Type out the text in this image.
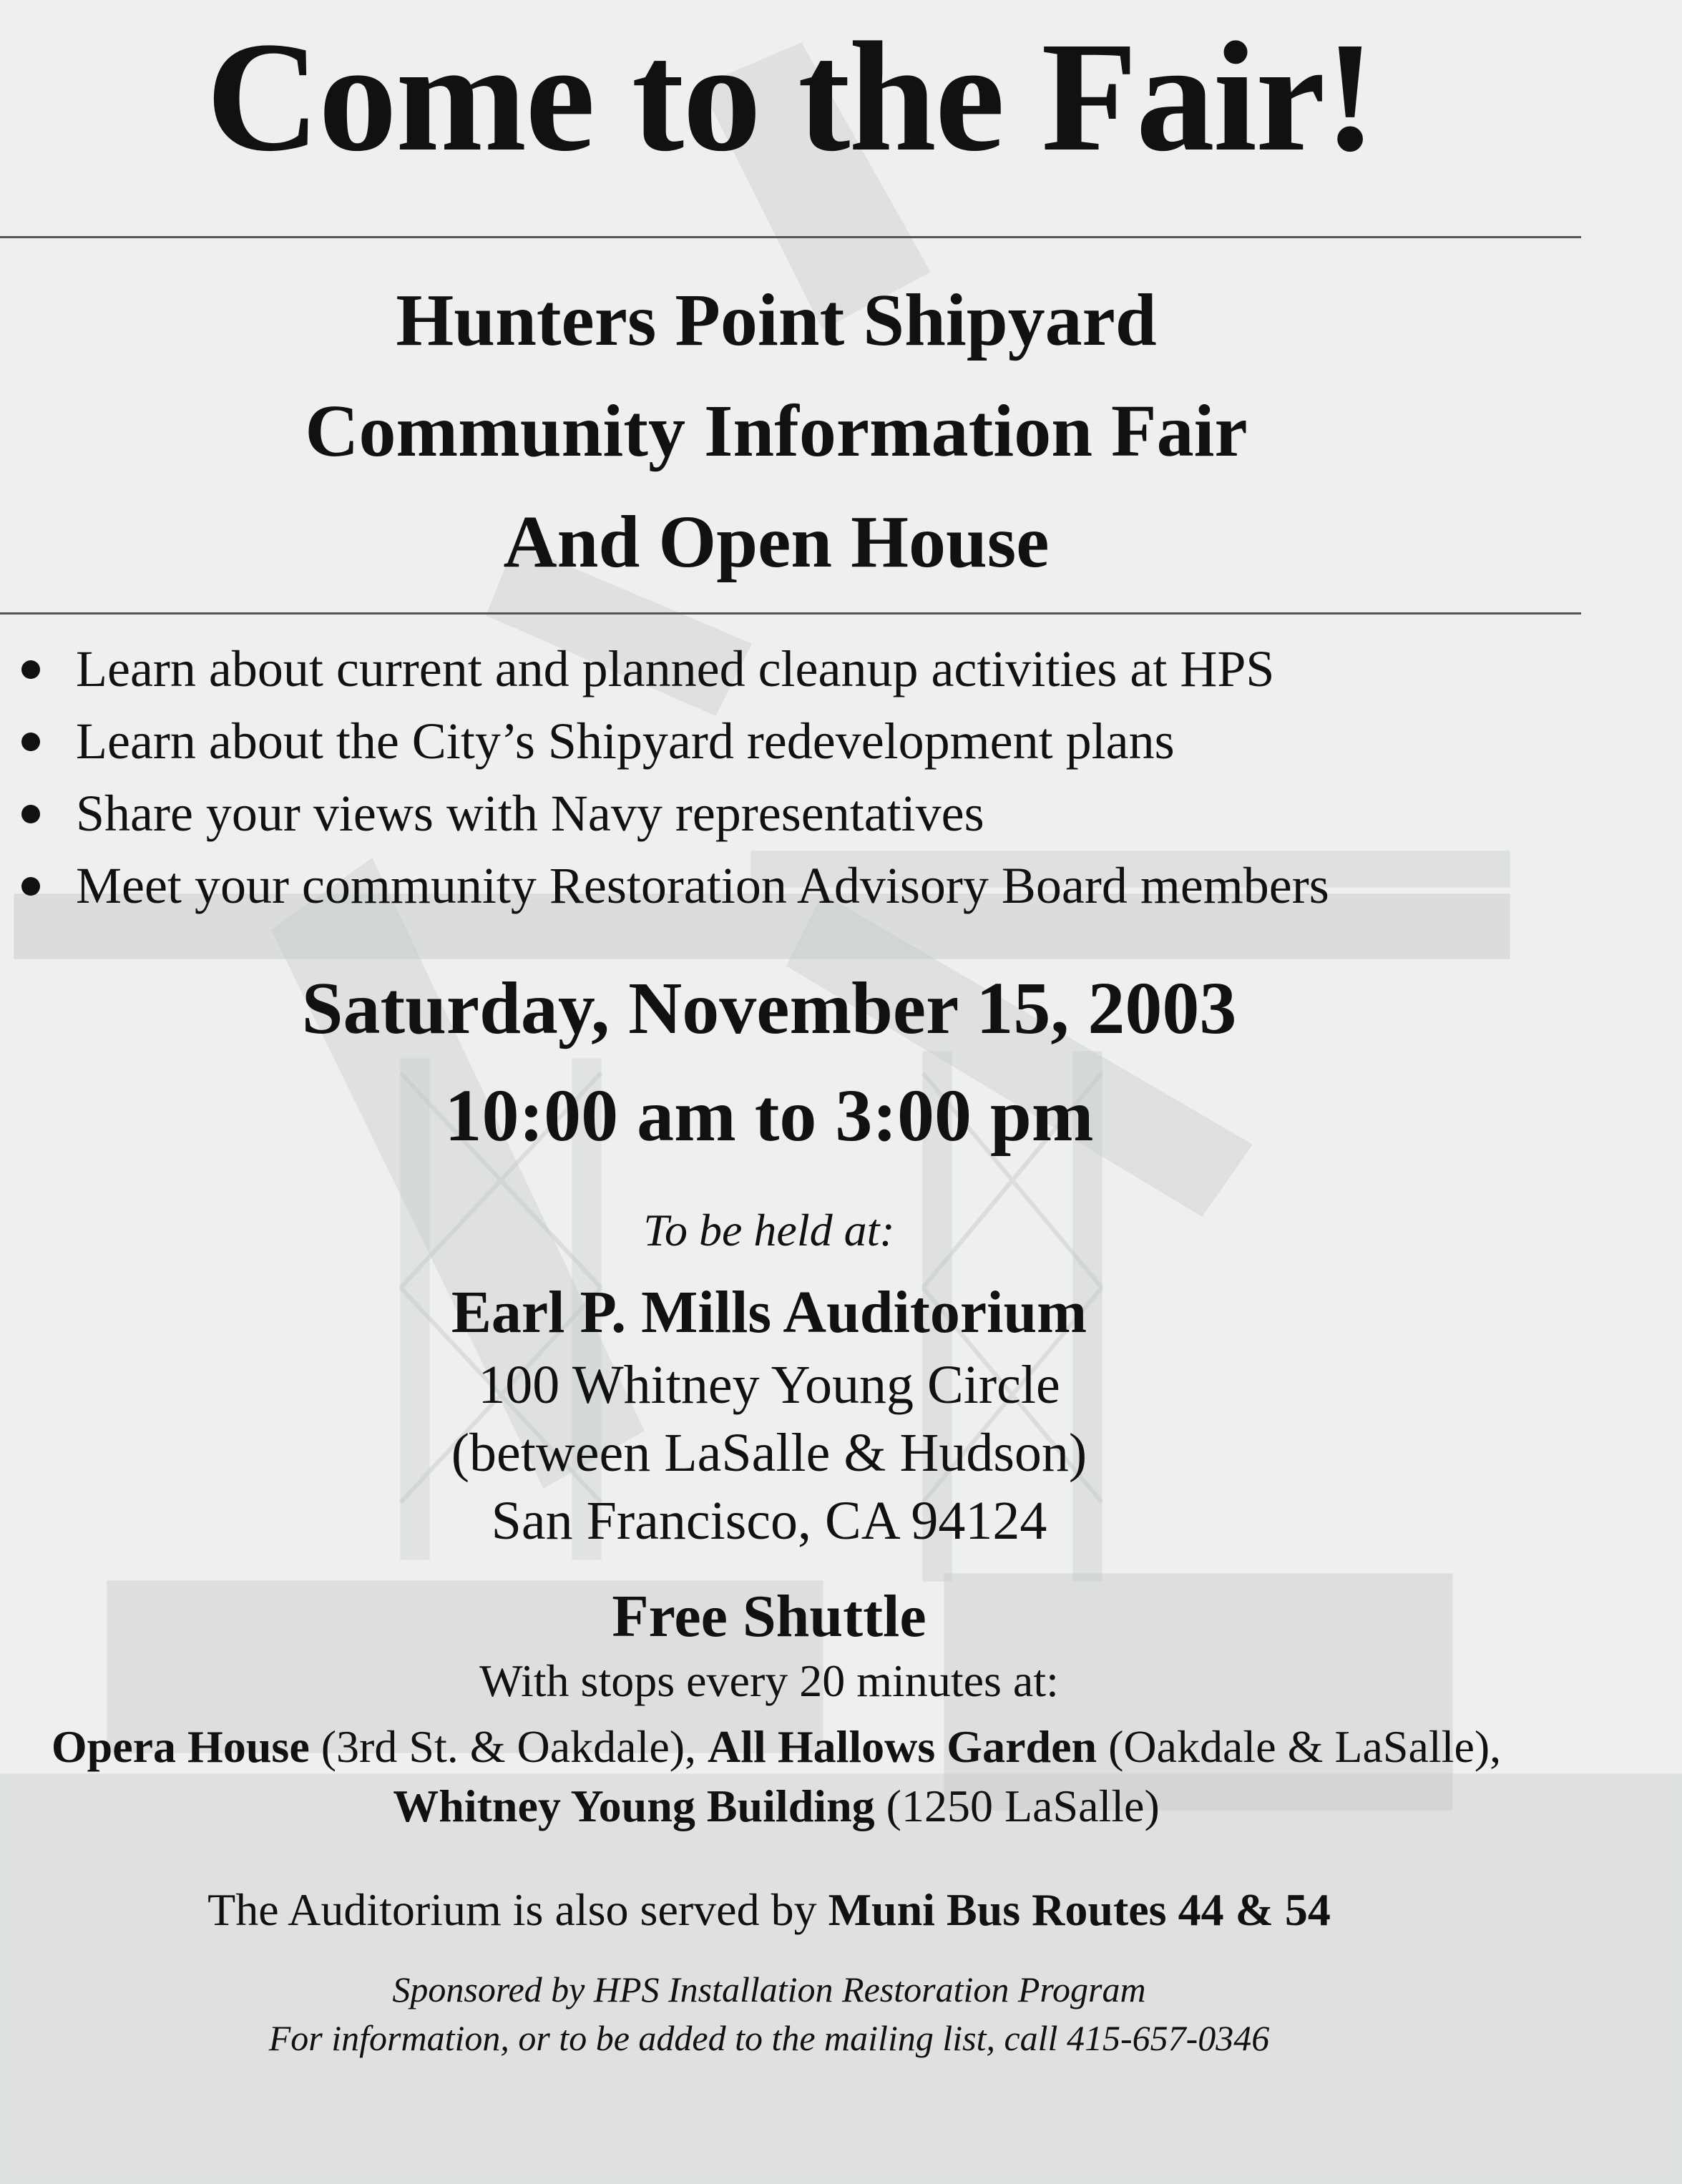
Come to the Fair!
Hunters Point Shipyard
Community Information Fair
And Open House
Learn about current and planned cleanup activities at HPS
Learn about the City’s Shipyard redevelopment plans
Share your views with Navy representatives
Meet your community Restoration Advisory Board members
Saturday, November 15, 2003
10:00 am to 3:00 pm
To be held at:
Earl P. Mills Auditorium
100 Whitney Young Circle
(between LaSalle & Hudson)
San Francisco, CA 94124
Free Shuttle
With stops every 20 minutes at:
Opera House (3rd St. & Oakdale), All Hallows Garden (Oakdale & LaSalle),
Whitney Young Building (1250 LaSalle)
The Auditorium is also served by Muni Bus Routes 44 & 54
Sponsored by HPS Installation Restoration Program
For information, or to be added to the mailing list, call 415-657-0346
